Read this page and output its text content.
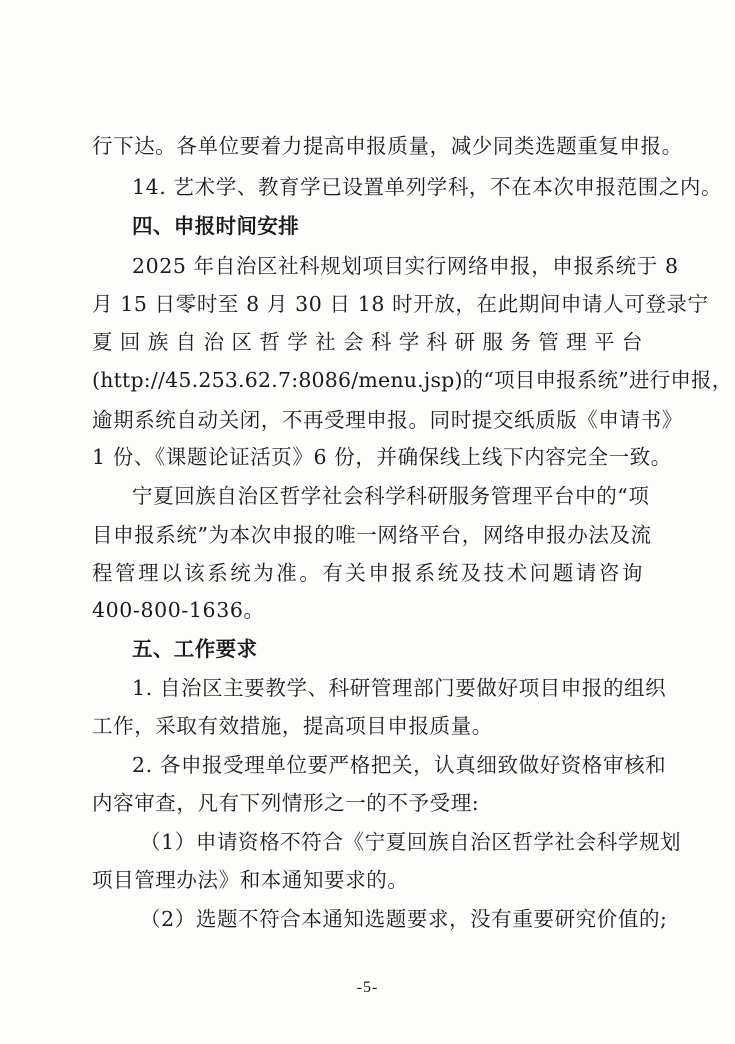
行下达。各单位要着力提高申报质量，减少同类选题重复申报。
14. 艺术学、教育学已设置单列学科，不在本次申报范围之内。
四、申报时间安排
2025 年自治区社科规划项目实行网络申报，申报系统于 8
月 15 日零时至 8 月 30 日 18 时开放，在此期间申请人可登录宁
夏回族自治区哲学社会科学科研服务管理平台
(http://45.253.62.7:8086/menu.jsp)的“项目申报系统”进行申报，
逾期系统自动关闭，不再受理申报。同时提交纸质版《申请书》
1 份、《课题论证活页》6 份，并确保线上线下内容完全一致。
宁夏回族自治区哲学社会科学科研服务管理平台中的“项
目申报系统”为本次申报的唯一网络平台，网络申报办法及流
程管理以该系统为准。有关申报系统及技术问题请咨询
400-800-1636。
五、工作要求
1. 自治区主要教学、科研管理部门要做好项目申报的组织
工作，采取有效措施，提高项目申报质量。
2. 各申报受理单位要严格把关，认真细致做好资格审核和
内容审查，凡有下列情形之一的不予受理:
（1）申请资格不符合《宁夏回族自治区哲学社会科学规划
项目管理办法》和本通知要求的。
（2）选题不符合本通知选题要求，没有重要研究价值的;
-5-
